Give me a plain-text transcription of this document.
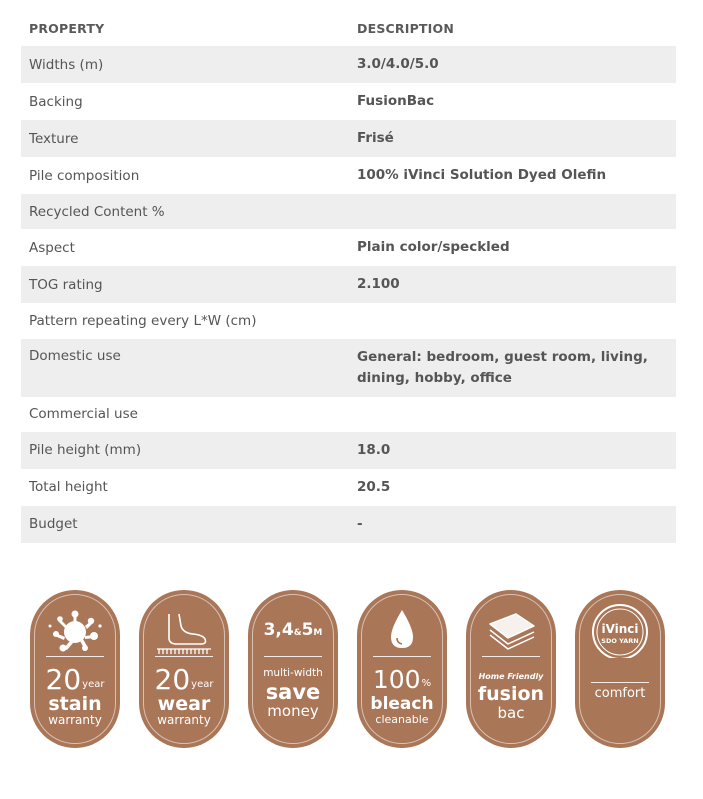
PROPERTY	DESCRIPTION
Widths (m)	3.0/4.0/5.0
Backing	FusionBac
Texture	Frisé
Pile composition	100% iVinci Solution Dyed Olefin
Recycled Content %
Aspect	Plain color/speckled
TOG rating	2.100
Pattern repeating every L*W (cm)
Domestic use	General: bedroom, guest room, living, dining, hobby, office
Commercial use
Pile height (mm)	18.0
Total height	20.5
Budget	-
20year
stain
warranty
20year
wear
warranty
3,4&5M
multi-width
save
money
100%
bleach
cleanable
Home Friendly
fusion
bac
iVinci
SDO YARN
comfort
